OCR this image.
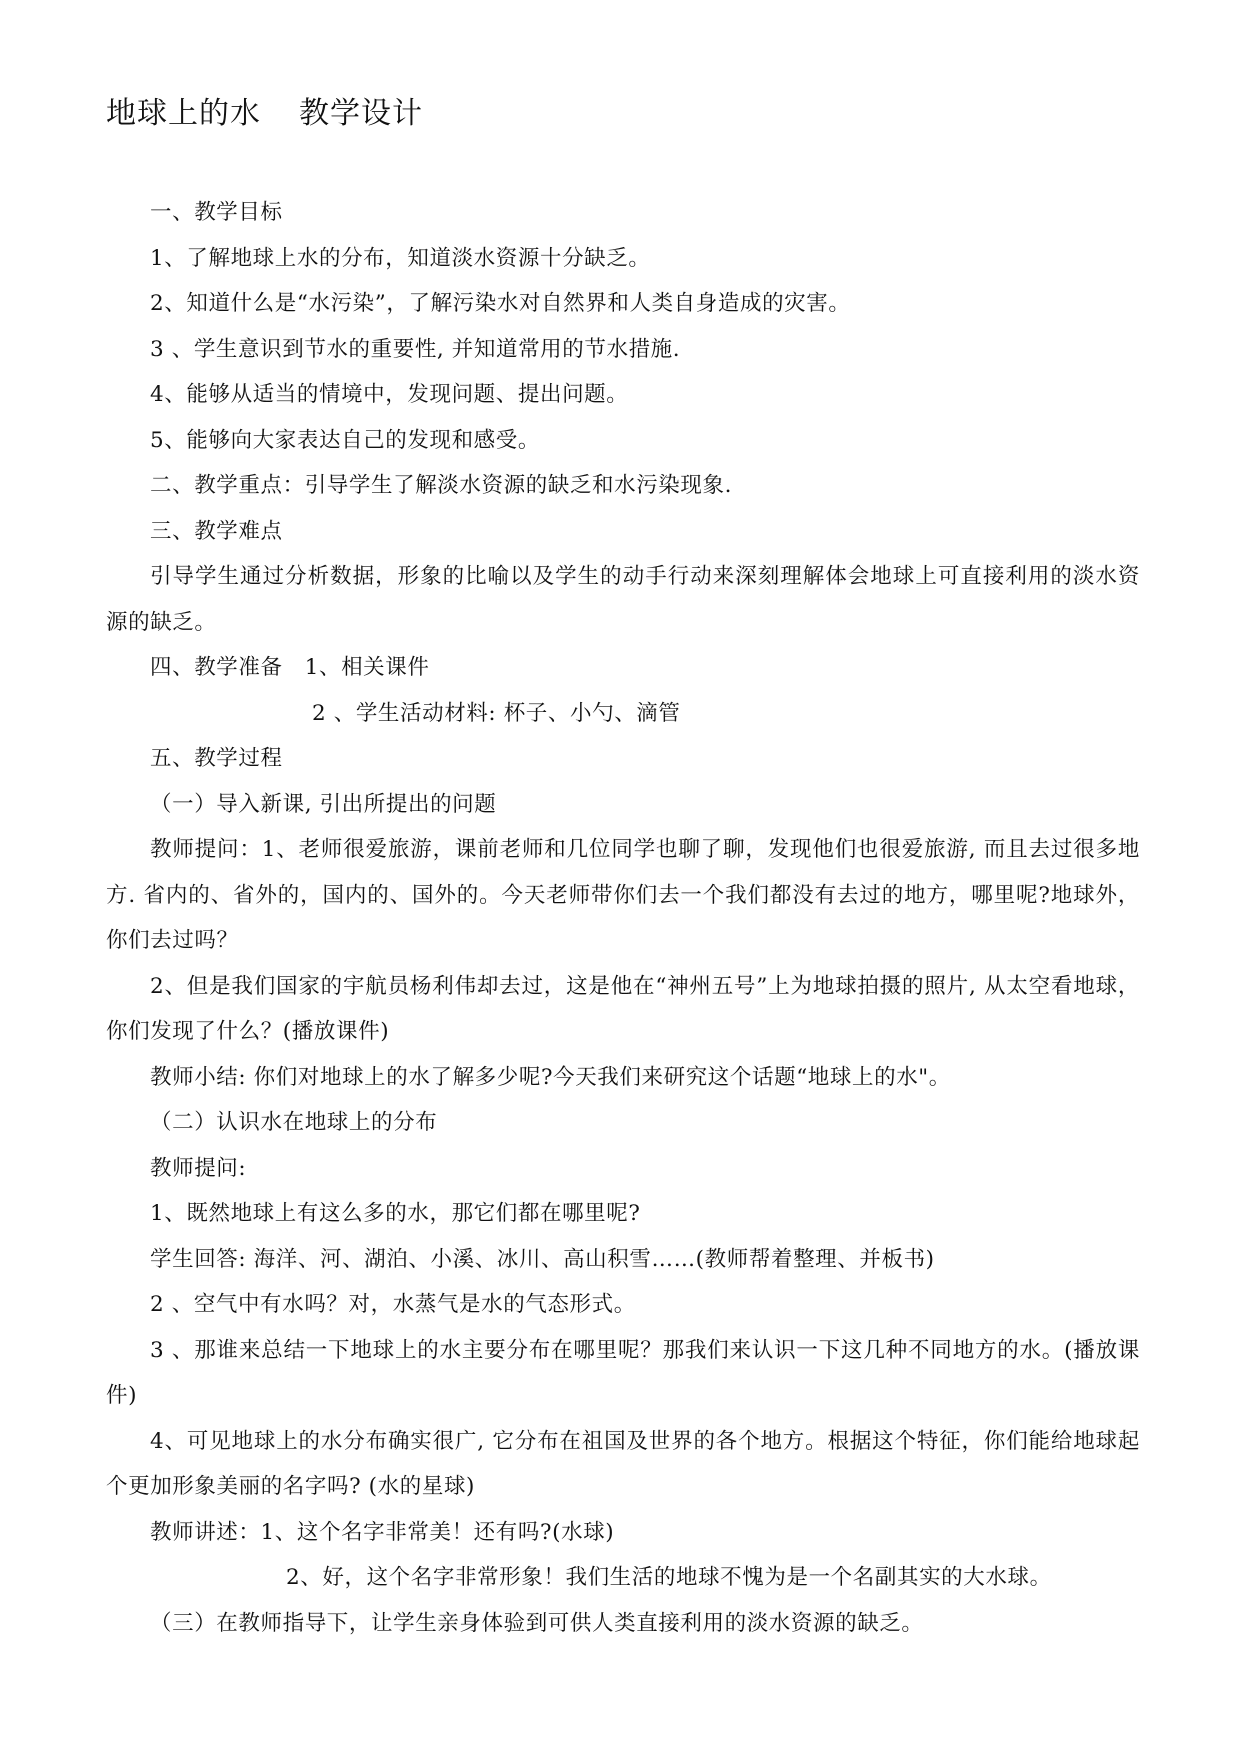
地球上的水 教学设计

一、教学目标

1、了解地球上水的分布，知道淡水资源十分缺乏。

2、知道什么是“水污染”，了解污染水对自然界和人类自身造成的灾害。

3 、学生意识到节水的重要性, 并知道常用的节水措施.

4、能够从适当的情境中，发现问题、提出问题。

5、能够向大家表达自己的发现和感受。

二、教学重点：引导学生了解淡水资源的缺乏和水污染现象.

三、教学难点

引导学生通过分析数据，形象的比喻以及学生的动手行动来深刻理解体会地球上可直接利用的淡水资源的缺乏。

四、教学准备　1、相关课件

2 、学生活动材料: 杯子、小勺、滴管

五、教学过程

（一）导入新课, 引出所提出的问题

教师提问：1、老师很爱旅游，课前老师和几位同学也聊了聊，发现他们也很爱旅游, 而且去过很多地方. 省内的、省外的，国内的、国外的。今天老师带你们去一个我们都没有去过的地方，哪里呢?地球外，你们去过吗？

2、但是我们国家的宇航员杨利伟却去过，这是他在“神州五号”上为地球拍摄的照片, 从太空看地球，你们发现了什么？(播放课件)

教师小结: 你们对地球上的水了解多少呢?今天我们来研究这个话题“地球上的水"。

（二）认识水在地球上的分布

教师提问:

1、既然地球上有这么多的水，那它们都在哪里呢?

学生回答: 海洋、河、湖泊、小溪、冰川、高山积雪……(教师帮着整理、并板书)

2 、空气中有水吗？对，水蒸气是水的气态形式。

3 、那谁来总结一下地球上的水主要分布在哪里呢？那我们来认识一下这几种不同地方的水。(播放课件)

4、可见地球上的水分布确实很广, 它分布在祖国及世界的各个地方。根据这个特征，你们能给地球起个更加形象美丽的名字吗? (水的星球)

教师讲述：1、这个名字非常美！还有吗?(水球)

2、好，这个名字非常形象！我们生活的地球不愧为是一个名副其实的大水球。

（三）在教师指导下，让学生亲身体验到可供人类直接利用的淡水资源的缺乏。
